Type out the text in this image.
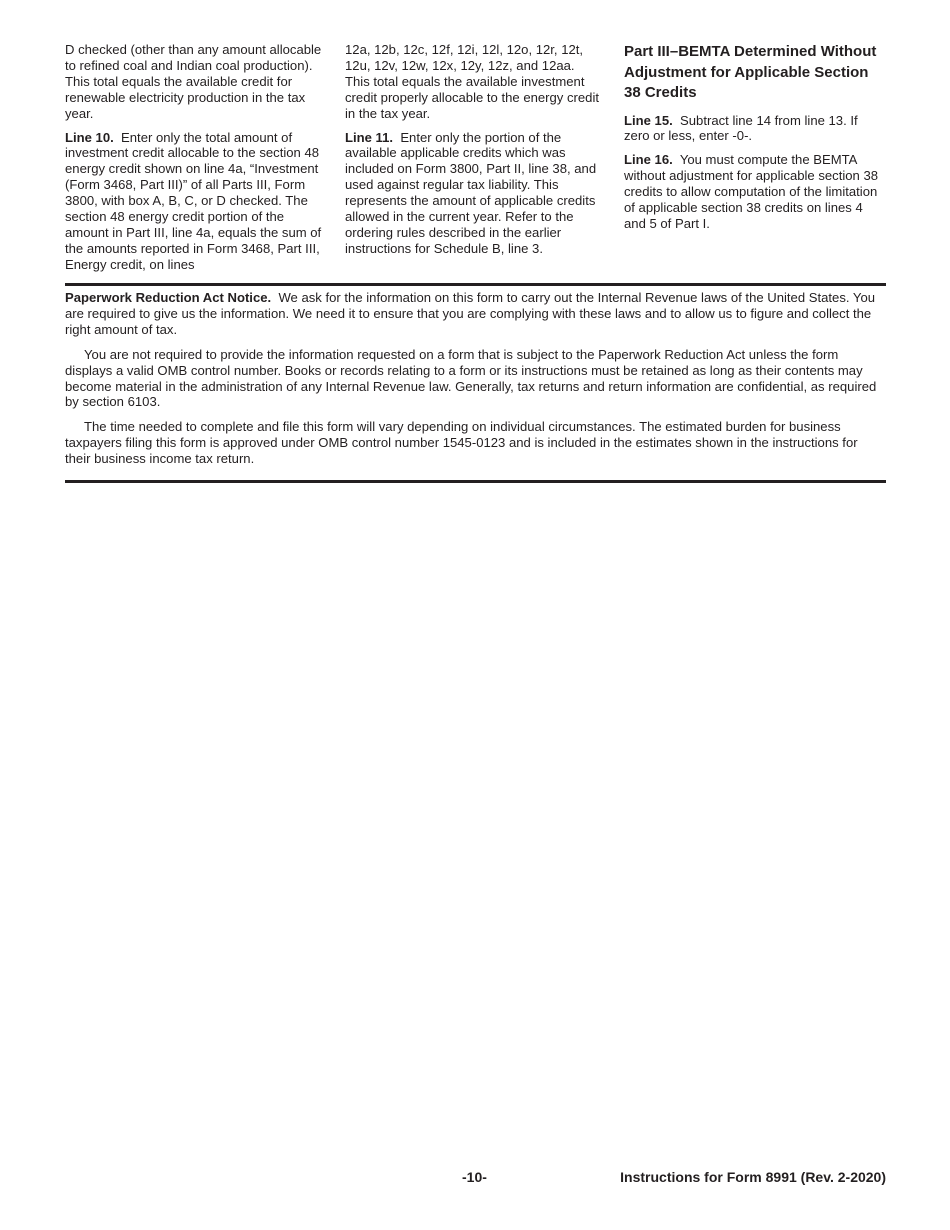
D checked (other than any amount allocable to refined coal and Indian coal production). This total equals the available credit for renewable electricity production in the tax year.

Line 10. Enter only the total amount of investment credit allocable to the section 48 energy credit shown on line 4a, “Investment (Form 3468, Part III)” of all Parts III, Form 3800, with box A, B, C, or D checked. The section 48 energy credit portion of the amount in Part III, line 4a, equals the sum of the amounts reported in Form 3468, Part III, Energy credit, on lines

12a, 12b, 12c, 12f, 12i, 12l, 12o, 12r, 12t, 12u, 12v, 12w, 12x, 12y, 12z, and 12aa. This total equals the available investment credit properly allocable to the energy credit in the tax year.

Line 11. Enter only the portion of the available applicable credits which was included on Form 3800, Part II, line 38, and used against regular tax liability. This represents the amount of applicable credits allowed in the current year. Refer to the ordering rules described in the earlier instructions for Schedule B, line 3.

Part III–BEMTA Determined Without Adjustment for Applicable Section 38 Credits

Line 15. Subtract line 14 from line 13. If zero or less, enter -0-.

Line 16. You must compute the BEMTA without adjustment for applicable section 38 credits to allow computation of the limitation of applicable section 38 credits on lines 4 and 5 of Part I.

Paperwork Reduction Act Notice. We ask for the information on this form to carry out the Internal Revenue laws of the United States. You are required to give us the information. We need it to ensure that you are complying with these laws and to allow us to figure and collect the right amount of tax.

You are not required to provide the information requested on a form that is subject to the Paperwork Reduction Act unless the form displays a valid OMB control number. Books or records relating to a form or its instructions must be retained as long as their contents may become material in the administration of any Internal Revenue law. Generally, tax returns and return information are confidential, as required by section 6103.

The time needed to complete and file this form will vary depending on individual circumstances. The estimated burden for business taxpayers filing this form is approved under OMB control number 1545-0123 and is included in the estimates shown in the instructions for their business income tax return.

-10-	Instructions for Form 8991 (Rev. 2-2020)
